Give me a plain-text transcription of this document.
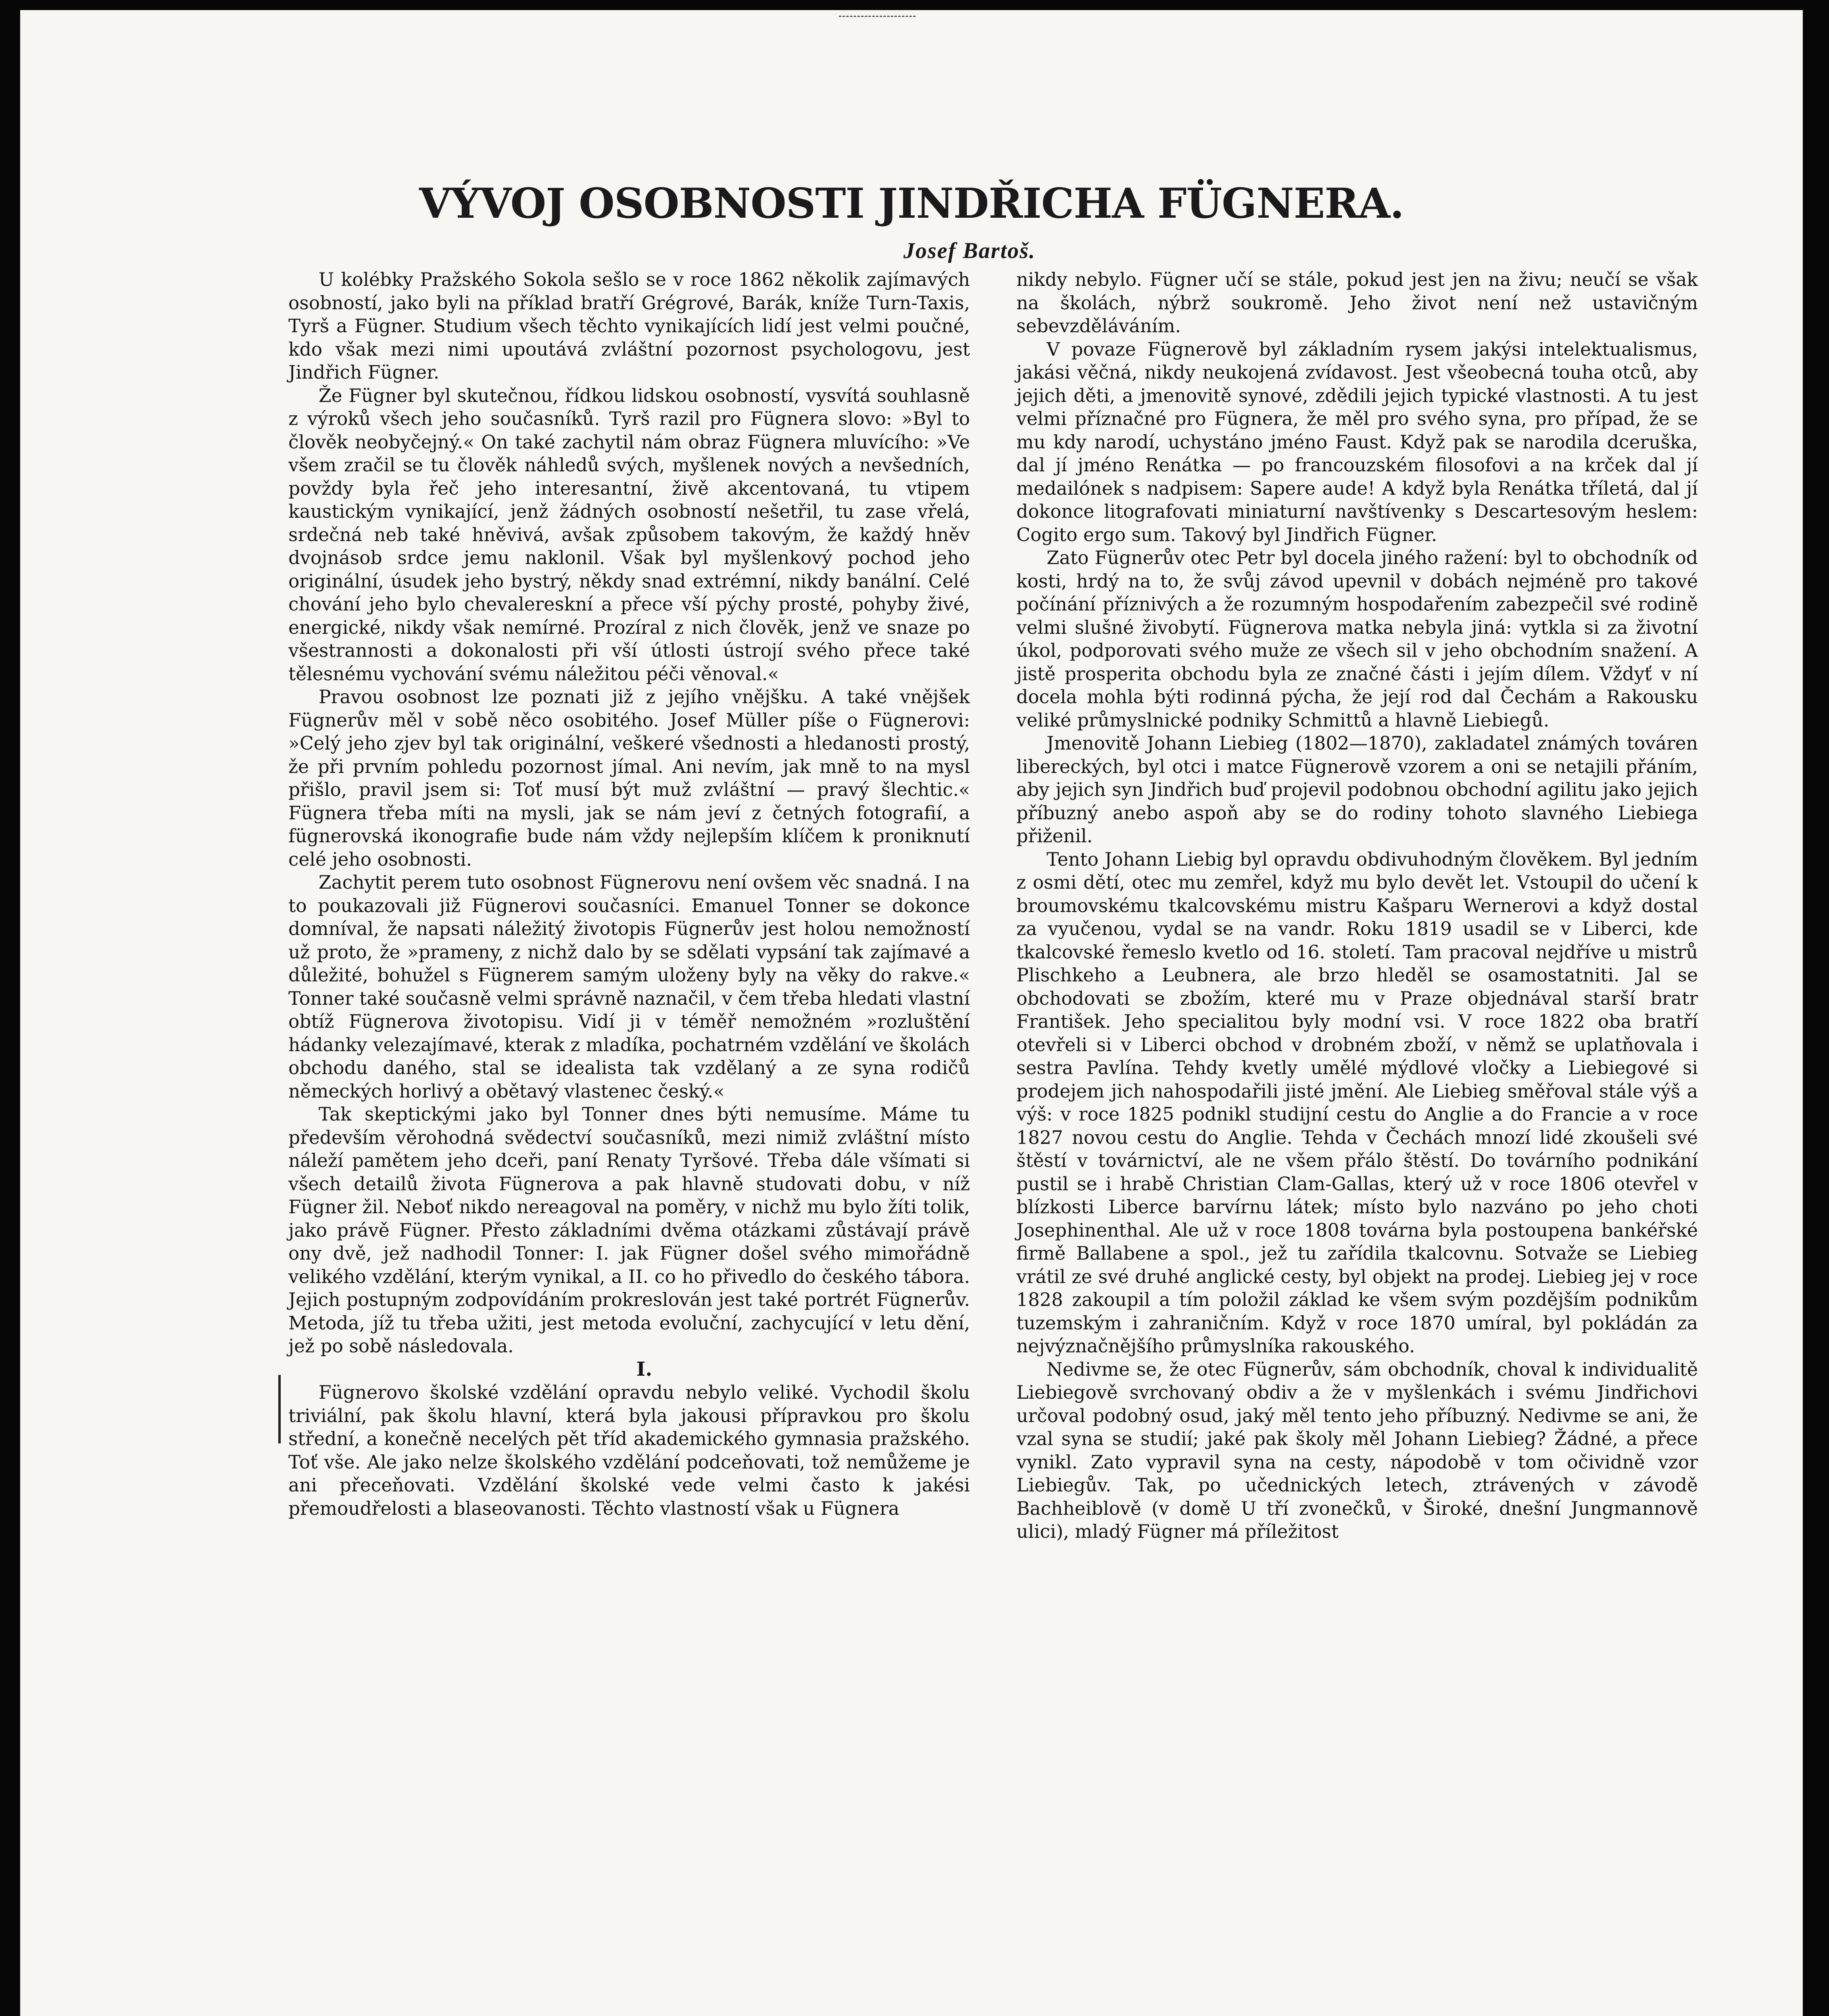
VÝVOJ OSOBNOSTI JINDŘICHA FÜGNERA.
Josef Bartoš.

U kolébky Pražského Sokola sešlo se v roce 1862 několik zajímavých osobností, jako byli na příklad bratří Grégrové, Barák, kníže Turn-Taxis, Tyrš a Fügner. Studium všech těchto vynikajících lidí jest velmi poučné, kdo však mezi nimi upoutává zvláštní pozornost psychologovu, jest Jindřich Fügner.

Že Fügner byl skutečnou, řídkou lidskou osobností, vysvítá souhlasně z výroků všech jeho současníků. Tyrš razil pro Fügnera slovo: »Byl to člověk neobyčejný.« On také zachytil nám obraz Fügnera mluvícího: »Ve všem zračil se tu člověk náhledů svých, myšlenek nových a nevšedních, povždy byla řeč jeho interesantní, živě akcentovaná, tu vtipem kaustickým vynikající, jenž žádných osobností nešetřil, tu zase vřelá, srdečná neb také hněvivá, avšak způsobem takovým, že každý hněv dvojnásob srdce jemu naklonil. Však byl myšlenkový pochod jeho originální, úsudek jeho bystrý, někdy snad extrémní, nikdy banální. Celé chování jeho bylo chevalereskní a přece vší pýchy prosté, pohyby živé, energické, nikdy však nemírné. Prozíral z nich člověk, jenž ve snaze po všestrannosti a dokonalosti při vší útlosti ústrojí svého přece také tělesnému vychování svému náležitou péči věnoval.«

Pravou osobnost lze poznati již z jejího vnějšku. A také vnějšek Fügnerův měl v sobě něco osobitého. Josef Müller píše o Fügnerovi: »Celý jeho zjev byl tak originální, veškeré všednosti a hledanosti prostý, že při prvním pohledu pozornost jímal. Ani nevím, jak mně to na mysl přišlo, pravil jsem si: Toť musí být muž zvláštní — pravý šlechtic.« Fügnera třeba míti na mysli, jak se nám jeví z četných fotografií, a fügnerovská ikonografie bude nám vždy nejlepším klíčem k proniknutí celé jeho osobnosti.

Zachytit perem tuto osobnost Fügnerovu není ovšem věc snadná. I na to poukazovali již Fügnerovi současníci. Emanuel Tonner se dokonce domníval, že napsati náležitý životopis Fügnerův jest holou nemožností už proto, že »prameny, z nichž dalo by se sdělati vypsání tak zajímavé a důležité, bohužel s Fügnerem samým uloženy byly na věky do rakve.« Tonner také současně velmi správně naznačil, v čem třeba hledati vlastní obtíž Fügnerova životopisu. Vidí ji v téměř nemožném »rozluštění hádanky velezajímavé, kterak z mladíka, pochatrném vzdělání ve školách obchodu daného, stal se idealista tak vzdělaný a ze syna rodičů německých horlivý a obětavý vlastenec český.«

Tak skeptickými jako byl Tonner dnes býti nemusíme. Máme tu především věrohodná svědectví současníků, mezi nimiž zvláštní místo náleží pamětem jeho dceři, paní Renaty Tyršové. Třeba dále všímati si všech detailů života Fügnerova a pak hlavně studovati dobu, v níž Fügner žil. Neboť nikdo nereagoval na poměry, v nichž mu bylo žíti tolik, jako právě Fügner. Přesto základními dvěma otázkami zůstávají právě ony dvě, jež nadhodil Tonner: I. jak Fügner došel svého mimořádně velikého vzdělání, kterým vynikal, a II. co ho přivedlo do českého tábora. Jejich postupným zodpovídáním prokreslován jest také portrét Fügnerův. Metoda, jíž tu třeba užiti, jest metoda evoluční, zachycující v letu dění, jež po sobě následovala.

I.

Fügnerovo školské vzdělání opravdu nebylo veliké. Vychodil školu triviální, pak školu hlavní, která byla jakousi přípravkou pro školu střední, a konečně necelých pět tříd akademického gymnasia pražského. Toť vše. Ale jako nelze školského vzdělání podceňovati, tož nemůžeme je ani přeceňovati. Vzdělání školské vede velmi často k jakési přemoudřelosti a blaseovanosti. Těchto vlastností však u Fügnera

nikdy nebylo. Fügner učí se stále, pokud jest jen na živu; neučí se však na školách, nýbrž soukromě. Jeho život není než ustavičným sebevzděláváním.

V povaze Fügnerově byl základním rysem jakýsi intelektualismus, jakási věčná, nikdy neukojená zvídavost. Jest všeobecná touha otců, aby jejich děti, a jmenovitě synové, zdědili jejich typické vlastnosti. A tu jest velmi příznačné pro Fügnera, že měl pro svého syna, pro případ, že se mu kdy narodí, uchystáno jméno Faust. Když pak se narodila dceruška, dal jí jméno Renátka — po francouzském filosofovi a na krček dal jí medailónek s nadpisem: Sapere aude! A když byla Renátka tříletá, dal jí dokonce litografovati miniaturní navštívenky s Descartesovým heslem: Cogito ergo sum. Takový byl Jindřich Fügner.

Zato Fügnerův otec Petr byl docela jiného ražení: byl to obchodník od kosti, hrdý na to, že svůj závod upevnil v dobách nejméně pro takové počínání příznivých a že rozumným hospodařením zabezpečil své rodině velmi slušné živobytí. Fügnerova matka nebyla jiná: vytkla si za životní úkol, podporovati svého muže ze všech sil v jeho obchodním snažení. A jistě prosperita obchodu byla ze značné části i jejím dílem. Vždyť v ní docela mohla býti rodinná pýcha, že její rod dal Čechám a Rakousku veliké průmyslnické podniky Schmittů a hlavně Liebiegů.

Jmenovitě Johann Liebieg (1802—1870), zakladatel známých továren libereckých, byl otci i matce Fügnerově vzorem a oni se netajili přáním, aby jejich syn Jindřich buď projevil podobnou obchodní agilitu jako jejich příbuzný anebo aspoň aby se do rodiny tohoto slavného Liebiega přiženil.

Tento Johann Liebig byl opravdu obdivuhodným člověkem. Byl jedním z osmi dětí, otec mu zemřel, když mu bylo devět let. Vstoupil do učení k broumovskému tkalcovskému mistru Kašparu Wernerovi a když dostal za vyučenou, vydal se na vandr. Roku 1819 usadil se v Liberci, kde tkalcovské řemeslo kvetlo od 16. století. Tam pracoval nejdříve u mistrů Plischkeho a Leubnera, ale brzo hleděl se osamostatniti. Jal se obchodovati se zbožím, které mu v Praze objednával starší bratr František. Jeho specialitou byly modní vsi. V roce 1822 oba bratří otevřeli si v Liberci obchod v drobném zboží, v němž se uplatňovala i sestra Pavlína. Tehdy kvetly umělé mýdlové vločky a Liebiegové si prodejem jich nahospodařili jisté jmění. Ale Liebieg směřoval stále výš a výš: v roce 1825 podnikl studijní cestu do Anglie a do Francie a v roce 1827 novou cestu do Anglie. Tehda v Čechách mnozí lidé zkoušeli své štěstí v továrnictví, ale ne všem přálo štěstí. Do továrního podnikání pustil se i hrabě Christian Clam-Gallas, který už v roce 1806 otevřel v blízkosti Liberce barvírnu látek; místo bylo nazváno po jeho choti Josephinenthal. Ale už v roce 1808 továrna byla postoupena bankéřské firmě Ballabene a spol., jež tu zařídila tkalcovnu. Sotvaže se Liebieg vrátil ze své druhé anglické cesty, byl objekt na prodej. Liebieg jej v roce 1828 zakoupil a tím položil základ ke všem svým pozdějším podnikům tuzemským i zahraničním. Když v roce 1870 umíral, byl pokládán za nejvýznačnějšího průmyslníka rakouského.

Nedivme se, že otec Fügnerův, sám obchodník, choval k individualitě Liebiegově svrchovaný obdiv a že v myšlenkách i svému Jindřichovi určoval podobný osud, jaký měl tento jeho příbuzný. Nedivme se ani, že vzal syna se studií; jaké pak školy měl Johann Liebieg? Žádné, a přece vynikl. Zato vypravil syna na cesty, nápodobě v tom očividně vzor Liebiegův. Tak, po učednických letech, ztrávených v závodě Bachheiblově (v domě U tří zvonečků, v Široké, dnešní Jungmannově ulici), mladý Fügner má příležitost
